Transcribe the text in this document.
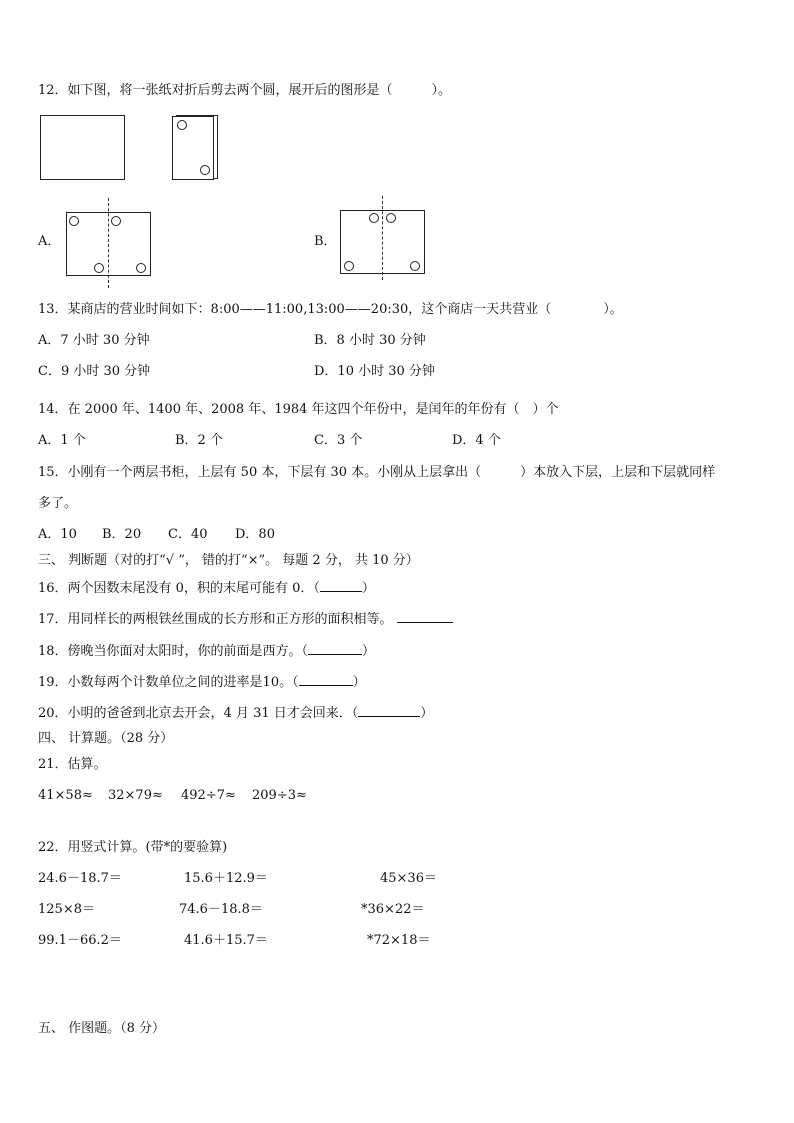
12．如下图，将一张纸对折后剪去两个圆，展开后的图形是（　　　）。
A．	B．
13．某商店的营业时间如下：8:00——11:00,13:00——20:30，这个商店一天共营业（　　　　）。
A．7 小时 30 分钟	B．8 小时 30 分钟
C．9 小时 30 分钟	D．10 小时 30 分钟
14．在 2000 年、1400 年、2008 年、1984 年这四个年份中，是闰年的年份有（　）个
A．1 个	B．2 个	C．3 个	D．4 个
15．小刚有一个两层书柜，上层有 50 本，下层有 30 本。小刚从上层拿出（　　　）本放入下层，上层和下层就同样
多了。
A．10 B．20 C．40 D．80
三、 判断题（对的打“√ ”， 错的打“×”。 每题 2 分， 共 10 分）
16．两个因数末尾没有 0，积的末尾可能有 0．（	）
17．用同样长的两根铁丝围成的长方形和正方形的面积相等。
18．傍晚当你面对太阳时，你的前面是西方。（	）
19．小数每两个计数单位之间的进率是10。（	）
20．小明的爸爸到北京去开会，4 月 31 日才会回来．（	）
四、 计算题。（28 分）
21．估算。
41×58≈ 32×79≈ 492÷7≈ 209÷3≈
22．用竖式计算。(带*的要验算)
24.6－18.7＝	15.6＋12.9＝	45×36＝
125×8＝	74.6－18.8＝	*36×22＝
99.1－66.2＝	41.6＋15.7＝	*72×18＝
五、 作图题。（8 分）
